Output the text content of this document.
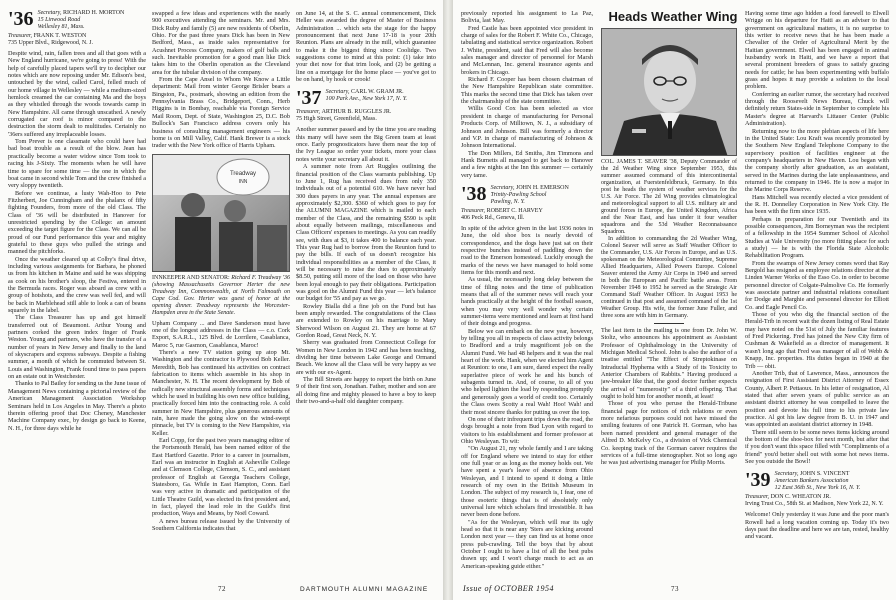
'36 Secretary, RICHARD H. MORTON
15 Linwood Road
Wellesley 81, Mass.
Treasurer, FRANK T. WESTON
735 Upper Blvd., Ridgewood, N. J.

Despite wind, rain, fallen trees and all that goes with a New England hurricane, we're going to press! With the help of carefully placed tapers we'll try to decipher our notes which are now reposing under Mr. Edison's best, untouched by the wind, called Carol, felled much of our home village in Wellesley — while a medium-sized hemlock creamed the car containing Ma and the boys as they whistled through the woods towards camp in New Hampshire. All came through unscathed. A newly corrugated car roof is minor compared to the destruction the storm dealt to multitudes. Certainly no '36ers suffered any irreplaceable losses.

Tom Prever is one classmate who could have had bad boat trouble as a result of the blow. Jean has practically become a water widow since Tom took to racing his J-Sixty. The moments when he will have time to spare for some time — the one in which the boat came in second while Tom and the crew finished a very sloppy twentieth.

Before we continue, a lusty Wah-Hoo to Pete Fitzherbert, Joe Cunningham and the phalanx of fifty fighting Founders, from more of the old Class. The Class of '36 will be distributed in Hanover for unrestricted spending by the College: an amount exceeding the target figure for the Class. We can all be proud of our Fund performance this year and mighty grateful to these guys who pulled the strings and manned the pitchforks.

Once the weather cleared up at Colby's final drive, including various assignments for Barbara, he phoned us from his kitchen in Maine and said he was shipping as cook on his brother's sloop, the Festiva, entered in the Bermuda races. Roger was aboard as crew with a group of hotshots, and the crew was well fed, and will be back in Marblehead still able to look a can of beans squarely in the label.

The Class Treasurer has up and got himself transferred out of Beaumont. Arthur Young and partners corked the green index finger of Frank Weston. Young and partners, who have the transfer of a number of years in New Jersey and finally to the land of skyscrapers and express subways. Despite a fishing summer, a month of which he commuted between St. Louis and Washington, Frank found time to pass papers on an estate out in Westchester.

Thanks to Pal Bailey for sending us the June issue of Management News containing a pictorial review of the American Management Association Workshop Seminars held in Los Angeles in May. There's a photo therein offering proof that Doc Cheney, Manchester Machine Company exec, by design go back to Keene, N. H., for three days while he

swapped a few ideas and experiences with the nearly 900 executives attending the seminars. Mr. and Mrs. Dick Ruby and family (5) are new residents of Oberlin, Ohio. For the past three years Dick has been in New Bedford, Mass., as inside sales representative for Acushnet Process Company, makers of golf balls and such. Inevitable promotion for a good man like Dick takes him to the Oberlin operation as the Cleveland area for the tubular division of the company.

From the Cape Ansel to Whom We Know a Little department: Mail from winter George Brisler bears a Bingston, Pa., postmark, showing an edition from the Pennsylvania Brass Co., Bridgeport, Conn., Herb Higgins is in Bombay, reachable via Foreign Service Mail Room, Dept. of State, Washington 25, D.C. Bob Bullock's San Francisco address covers only his business of consulting management engineers — his home is on Mill Valley, Calif. Hank Brewer is a stock trader with the New York office of Harris Upham.

Treadway
INN
INNKEEPER AND SENATOR: Richard F. Treadway '36 (showing Massachusetts Governor Herter the new Treadway Inn, Commonwealth, at North Falmouth on Cape Cod. Gov. Herter was guest of honor at the opening dinner. Treadway represents the Worcester-Hampden area in the State Senate.

Upham Company ... and Dave Sanderson must have one of the longest addresses in the Class — c.o. Cork Export, S.A.R.L., 125 Blvd. de Lorrilere, Casablanca, Maroc 5, rue Gasmon, Casablanca, Maroc!

There's a new TV station going up atop Mt. Washington and the contractor is Plywood Bob Keller. Meredith, Bob has continued his activities on contract fabrication to items which assemble in his shop in Manchester, N. H. The recent development by Bob of radically new structural assembly forms and techniques which he used in building his own new office building, practically forced him into the contracting role. A cold summer in New Hampshire, plus generous amounts of rain, have made the going slow on the wind-swept pinnacle, but TV is coming to the New Hampshire, via Keller.

Earl Copp, for the past two years managing editor of the Portsmouth Herald, has been named editor of the East Hartford Gazette. Prior to a career in journalism, Earl was an instructor in English at Asheville College and at Clemson College, Clemson, S. C., and assistant professor of English at Georgia Teachers College, Statesboro, Ga. While in East Hampton, Conn. Earl was very active in dramatic and participation of the Little Theatre Guild, was elected its first president and, in fact, played the lead role in the Guild's first production, Ways and Means, by Noël Coward.

A news bureau release issued by the University of Southern California indicates that

on June 14, at the S. C. annual commencement, Dick Heller was awarded the degree of Master of Business Administration ... which sets the stage for the happy pronouncement that next June 17-18 is your 20th Reunion. Plans are already in the mill, which guarantee to make it the biggest thing since Coolidge. Two suggestions come to mind at this point: (1) take into your diet now for that trim look, and (2) be getting a line on a mortgage for the home place — you've got to be on hand, by hook or crook!

'37 Secretary, CARL W. GRAM JR.
100 Park Ave., New York 17, N. Y.
Treasurer, ARTHUR B. RUGGLES JR.
75 High Street, Greenfield, Mass.

Another summer passed and by the time you are reading this many will have seen the Big Green team at least once. Early prognosticators have them near the top of the Ivy League so order your tickets, more your class notes write your secretary all about it.

A summer note from Art Ruggles outlining the financial position of the Class warrants publishing. Up to June 1, Rug has received dues from only 350 individuals out of a potential 610. We have never had 300 dues payers in any year. The annual expenses are approximately $2,300. $360 of which goes to pay for the ALUMNI MAGAZINE which is mailed to each member of the Class, and the remaining $590 is split about equally between mailings, miscellaneous and Class Officers' expenses to meetings. As you can readily see, with dues at $3, it takes 400 to balance each year. This year Rug had to borrow from the Reunion fund to pay the bills. If each of us doesn't recognize his individual responsibilities as a member of the Class, it will be necessary to raise the dues to approximately $8.50, putting still more of the load on those who have been loyal enough to pay their obligations. Participation was good on the Alumni Fund this year — let's balance our budget for '55 and pay as we go.

Rowley Bialla did a fine job on the Fund but has been amply rewarded. The congratulations of the Class are extended to Rowley on his marriage to Mary Sherwood Wilson on August 21. They are home at 67 Gordon Road, Great Neck, N. Y.

Sherry was graduated from Connecticut College for Women in New London in 1942 and has been teaching, dividing her time between Lake George and Ormand Beach. We know all the Class will be very happy as we are with our ex-Agent.

The Bill Streets are happy to report the birth on June 9 of their first son, Jonathan. Father, mother and son are all doing fine and mighty pleased to have a boy to keep their two-and-a-half old daughter company.

72	DARTMOUTH ALUMNI MAGAZINE

previously reported his assignment to La Paz, Bolivia, last May.

Fred Castle has been appointed vice president in charge of sales for the Robert F. White Co., Chicago, tabulating and statistical service organization. Robert J. White, president, said that Fred will also become sales manager and director of personnel for Marsh and McLennan, Inc. general insurance agents and brokers in Chicago.

Richard F. Cooper has been chosen chairman of the New Hampshire Republican state committee. This marks the second time that Dick has taken over the chairmanship of the state committee.

Willis Good Cox has been selected as vice president in charge of manufacturing for Personal Products Corp. of Milltown, N. J., a subsidiary of Johnson and Johnson. Bill was formerly a director and V.P. in charge of manufacturing of Johnson & Johnson International.

The Don Millers, Ed Smiths, Jim Timmons and Hank Burnetts all managed to get back to Hanover and a few nights at the Inn this summer — certainly very tame.

'38 Secretary, JOHN H. EMERSON
Trinity-Pawling School
Pawling, N. Y.
Treasurer, ROBERT C. HARVEY
406 Peck Rd., Geneva, Ill.

In spite of the advice given in the last 1936 notes in June, the old shoe box is nearly devoid of correspondence, and the dogs have just sat on their respective bunches instead of paddling down the road to the Emerson homestead. Luckily enough the marks of the news we have managed to hold some items for this month and next.

As usual, the necessarily long delay between the time of filing notes and the time of publication means that all of the summer news will reach your hands practically at the height of the football season, when you may very well wonder why certain summer-items were mentioned and learn at first hand of their doings and progress.

Below we can embark on the new year, however, by telling you all in respects of class activity belongs to Bradford and a truly magnificent job on the Alumni Fund. We had 48 helpers and it was the real heart of the work. Hank, when we elected him Agent at Reunion: to one, I am sure, dared expect the really superlative piece of work he and his bunch of subagents turned in. And, of course, to all of you who helped lighten the load by responding promptly and generously goes a world of credit too. Certainly the Class owes Scotty a real Wah! Hoo! Wah! and their most sincere thanks for putting us over the top.

On one of their infrequent trips down the road, the dogs brought a note from Bud Lyon with regard to visitors to his establishment and former professor at Ohio Wesleyan. To wit:

"On August 21, my whole family and I are taking off for England where we intend to stay for either one full year or as long as the money holds out. We have spent a year's leave of absence from Ohio Wesleyan, and I intend to spend it doing a little research of my own in the British Museum in London. The subject of my research is, I fear, one of those esoteric things that is of absolutely only universal lure which scholars find irresistible. It has never been done before.

"As for the Wesleyan, which will rear its ugly head so that it is near any 'Sters are kicking around London next year — they can find us at home once press pub-crawling. Tell the boys that by about October I ought to have a list of all the best pubs drawn up; and I won't charge much to act as an American-speaking guide either."

Heads Weather Wing
COL. JAMES T. SEAVER '38, Deputy Commander of the 2d Weather Wing since September 1953, this summer assumed command of this intercontinental organization, at Fuerstenfeldbruck, Germany. In this post he heads the system of weather services for the U.S. Air Force. The 2d Wing provides climatological and meteorological support to all U.S. military air and ground forces in Europe, the United Kingdom, Africa and the Near East, and has under it four weather squadrons and the 53d Weather Reconnaissance Squadron.

In addition to commanding the 2d Weather Wing, Colonel Seaver will serve as Staff Weather Officer to the Commander, U.S. Air Forces in Europe, and as U.S. spokesman on the Meteorological Committee, Supreme Allied Headquarters, Allied Powers Europe. Colonel Seaver entered the Army Air Corps in 1940 and served in both the European and Pacific battle areas. From November 1948 to 1952 he served as the Strategic Air Command Staff Weather Officer. In August 1953 he continued in that post and assumed command of the 1st Weather Group. His wife, the former June Fuller, and three sons are with him in Germany.

The last item in the mailing is one from Dr. John W. Stoltz, who announces his appointment as Assistant Professor of Ophthalmology in the University of Michigan Medical School. John is also the author of a treatise entitled "The Effect of Streptokinase on Intraductal Hyphema with a Study of its Toxicity to Anterior Chambers of Rabbits." Having produced a jaw-breaker like that, the good doctor further expects the arrival of "numerosity" of a third offspring. That ought to hold him for another month, at least!

Those of you who peruse the Herald-Tribune financial page for notices of rich relations or even more nefarious purposes could not have missed the smiling features of one Patrick H. Gorman, who has been named president and general manager of the Alfred D. McKelvy Co., a division of Vick Chemical Co. keeping track of the Gorman career requires the services of a full-time stenographer. Not so long ago he was just advertising manager for Philip Morris.

Having some time ago hidden a food farewell to Elwell Wrigge on his departure for Haiti as an adviser to that government on agricultural matters, it is no surprise to this writer to receive news that he has been made a Chevalier of the Order of Agricultural Merit by the Haitian government. Elwell has been engaged in animal husbandry work in Haiti, and we have a report that several prominent breeders of grass to satisfy grazing needs for cattle; he has been experimenting with buffalo grass and hopes it may provide a solution to the local problem.

Conferring an earlier rumor, the secretary had received through the Roosevelt News Bureau, Chuck will definitely return States-side in September to complete his Master's degree at Harvard's Littauer Center (Public Administration).

Returning now to the more plebian aspects of life here in the United State: Lou Kraft was recently promoted by the Southern New England Telephone Company to the supervisory position of facilities engineer at the company's headquarters in New Haven. Lou began with the company shortly after graduation, as an assistant, served in the Marines during the late unpleasantness, and returned to the company in 1946. He is now a major in the Marine Corps Reserve.

Hans Mitchell was recently elected a vice president of the R. H. Donnelley Corporation in New York City. He has been with the firm since 1935.

Perhaps in preparation for our Twentieth and its possible consequences, Jim Borneyman was the recipient of a fellowship in the 1954 Summer School of Alcohol Studies at Yale University (no more fitting place for such a study) — he is with the Florida State Alcoholic Rehabilitation Program.

From the swamps of New Jersey comes word that Ray Bergold has resigned as employee relations director at the Linden Warner Works of the Esso Co. in order to become personnel director of Colgate-Palmolive Co. He formerly was associate partner and industrial relations consultant for Dodge and Marghie and personnel director for Elliott Co. and Eagle Pencil Co.

Those of you who dig the financial section of the Herald-Trib in recent wait the dozen listing of Real Estate may have noted on the 51st of July the familiar features of Fred Pickering. Fred has joined the New City firm of Cushman & Wakefield as a director of management. It wasn't long ago that Fred was manager of all of Webb & Knapp, Inc. properties. His duties began in 1940 at the Trib — obit.

Another Trib, that of Lawrence, Mass., announces the resignation of First Assistant District Attorney of Essex County, Albert P. Pettaoux. In his letter of resignation, Al stated that after seven years of public service as an assistant district attorney he was compelled to leave the position and devote his full time to his private law practice. Al got his law degree from B. U. in 1947 and was appointed an assistant district attorney in 1948.

There still seem to be some news items kicking around the bottom of the shoe-box for next month, but after that if you don't want this space filled with "Compliments of a friend" you'd better shell out with some hot news items. See you outside the Bowl!

'39 Secretary, JOHN S. VINCENT
American Bankers Association
12 East 36th St., New York 16, N. Y.
Treasurer, DON C. WHEATON JR.
Irving Trust Co., 58th St. at Madison, New York 22, N. Y.

Welcome! Only yesterday it was June and the poor man's Rowell had a long vacation coming up. Today it's two days past the deadline and here we are tan, rested, healthy and vacant.

Issue of OCTOBER 1954	73
